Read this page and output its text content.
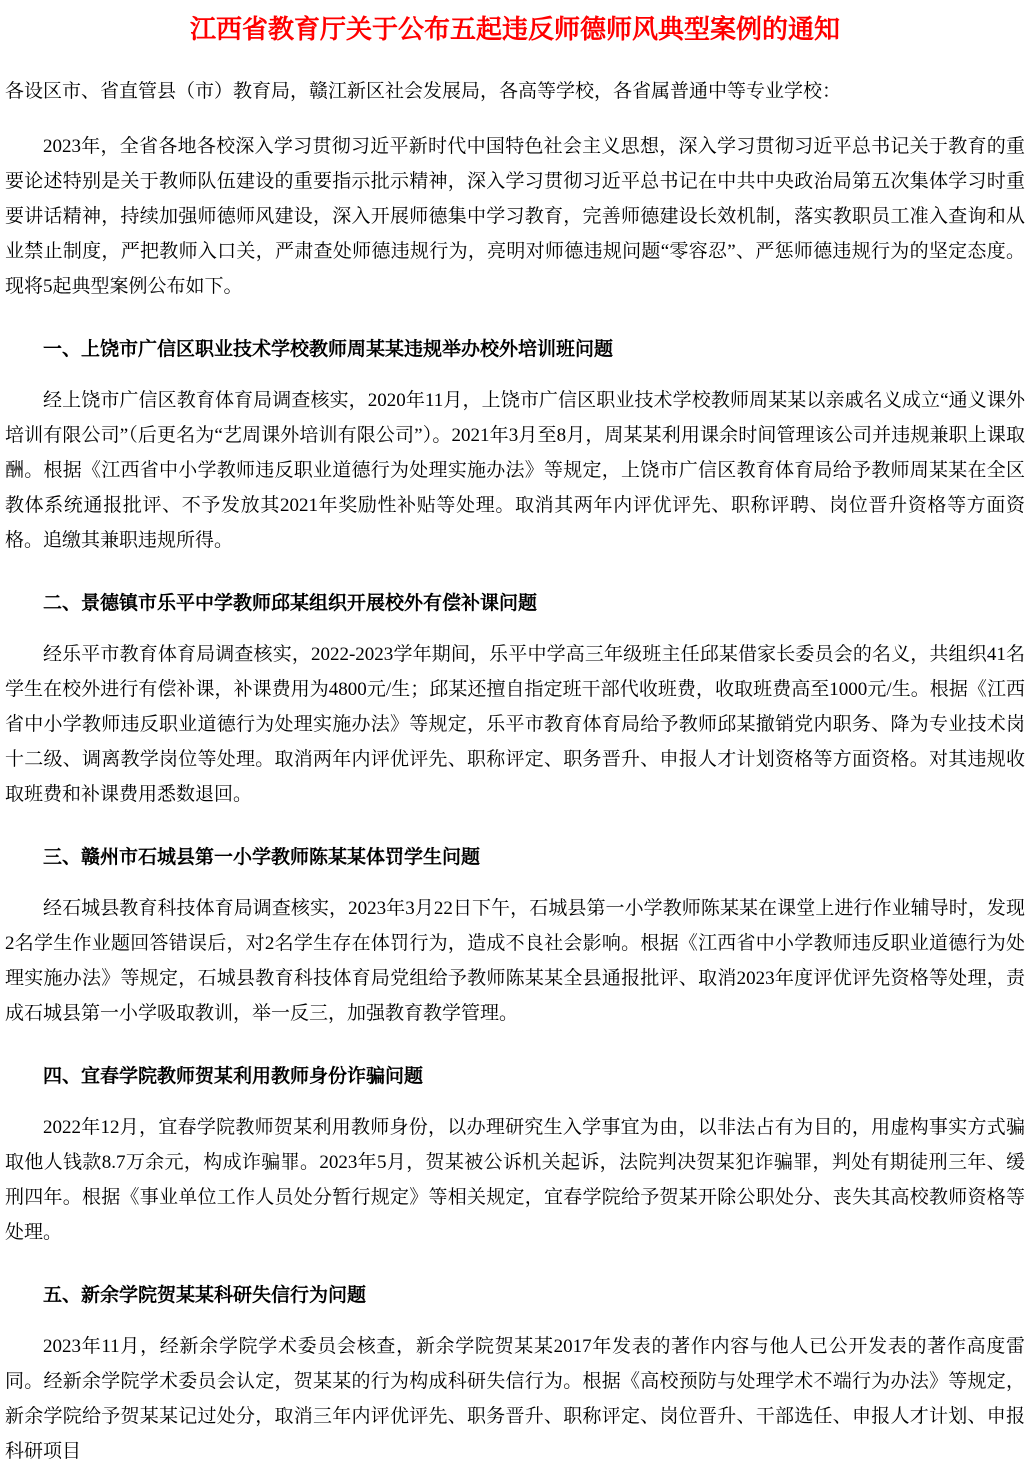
江西省教育厅关于公布五起违反师德师风典型案例的通知

各设区市、省直管县（市）教育局，赣江新区社会发展局，各高等学校，各省属普通中等专业学校：

2023年，全省各地各校深入学习贯彻习近平新时代中国特色社会主义思想，深入学习贯彻习近平总书记关于教育的重要论述特别是关于教师队伍建设的重要指示批示精神，深入学习贯彻习近平总书记在中共中央政治局第五次集体学习时重要讲话精神，持续加强师德师风建设，深入开展师德集中学习教育，完善师德建设长效机制，落实教职员工准入查询和从业禁止制度，严把教师入口关，严肃查处师德违规行为，亮明对师德违规问题“零容忍”、严惩师德违规行为的坚定态度。现将5起典型案例公布如下。

一、上饶市广信区职业技术学校教师周某某违规举办校外培训班问题

经上饶市广信区教育体育局调查核实，2020年11月，上饶市广信区职业技术学校教师周某某以亲戚名义成立“通义课外培训有限公司”（后更名为“艺周课外培训有限公司”）。2021年3月至8月，周某某利用课余时间管理该公司并违规兼职上课取酬。根据《江西省中小学教师违反职业道德行为处理实施办法》等规定，上饶市广信区教育体育局给予教师周某某在全区教体系统通报批评、不予发放其2021年奖励性补贴等处理。取消其两年内评优评先、职称评聘、岗位晋升资格等方面资格。追缴其兼职违规所得。

二、景德镇市乐平中学教师邱某组织开展校外有偿补课问题

经乐平市教育体育局调查核实，2022-2023学年期间，乐平中学高三年级班主任邱某借家长委员会的名义，共组织41名学生在校外进行有偿补课，补课费用为4800元/生；邱某还擅自指定班干部代收班费，收取班费高至1000元/生。根据《江西省中小学教师违反职业道德行为处理实施办法》等规定，乐平市教育体育局给予教师邱某撤销党内职务、降为专业技术岗十二级、调离教学岗位等处理。取消两年内评优评先、职称评定、职务晋升、申报人才计划资格等方面资格。对其违规收取班费和补课费用悉数退回。

三、赣州市石城县第一小学教师陈某某体罚学生问题

经石城县教育科技体育局调查核实，2023年3月22日下午，石城县第一小学教师陈某某在课堂上进行作业辅导时，发现2名学生作业题回答错误后，对2名学生存在体罚行为，造成不良社会影响。根据《江西省中小学教师违反职业道德行为处理实施办法》等规定，石城县教育科技体育局党组给予教师陈某某全县通报批评、取消2023年度评优评先资格等处理，责成石城县第一小学吸取教训，举一反三，加强教育教学管理。

四、宜春学院教师贺某利用教师身份诈骗问题

2022年12月，宜春学院教师贺某利用教师身份，以办理研究生入学事宜为由，以非法占有为目的，用虚构事实方式骗取他人钱款8.7万余元，构成诈骗罪。2023年5月，贺某被公诉机关起诉，法院判决贺某犯诈骗罪，判处有期徒刑三年、缓刑四年。根据《事业单位工作人员处分暂行规定》等相关规定，宜春学院给予贺某开除公职处分、丧失其高校教师资格等处理。

五、新余学院贺某某科研失信行为问题

2023年11月，经新余学院学术委员会核查，新余学院贺某某2017年发表的著作内容与他人已公开发表的著作高度雷同。经新余学院学术委员会认定，贺某某的行为构成科研失信行为。根据《高校预防与处理学术不端行为办法》等规定，新余学院给予贺某某记过处分，取消三年内评优评先、职务晋升、职称评定、岗位晋升、干部选任、申报人才计划、申报科研项目
